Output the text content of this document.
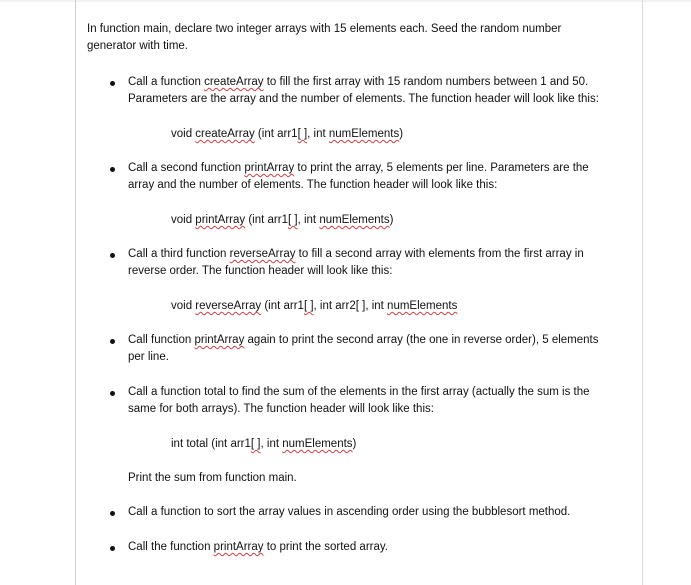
In function main, declare two integer arrays with 15 elements each. Seed the random number
generator with time.

Call a function createArray to fill the first array with 15 random numbers between 1 and 50.
Parameters are the array and the number of elements. The function header will look like this:

void createArray (int arr1[ ], int numElements)

Call a second function printArray to print the array, 5 elements per line. Parameters are the
array and the number of elements. The function header will look like this:

void printArray (int arr1[ ], int numElements)

Call a third function reverseArray to fill a second array with elements from the first array in
reverse order. The function header will look like this:

void reverseArray (int arr1[ ], int arr2[ ], int numElements

Call function printArray again to print the second array (the one in reverse order), 5 elements
per line.

Call a function total to find the sum of the elements in the first array (actually the sum is the
same for both arrays). The function header will look like this:

int total (int arr1[ ], int numElements)

Print the sum from function main.

Call a function to sort the array values in ascending order using the bubblesort method.

Call the function printArray to print the sorted array.
